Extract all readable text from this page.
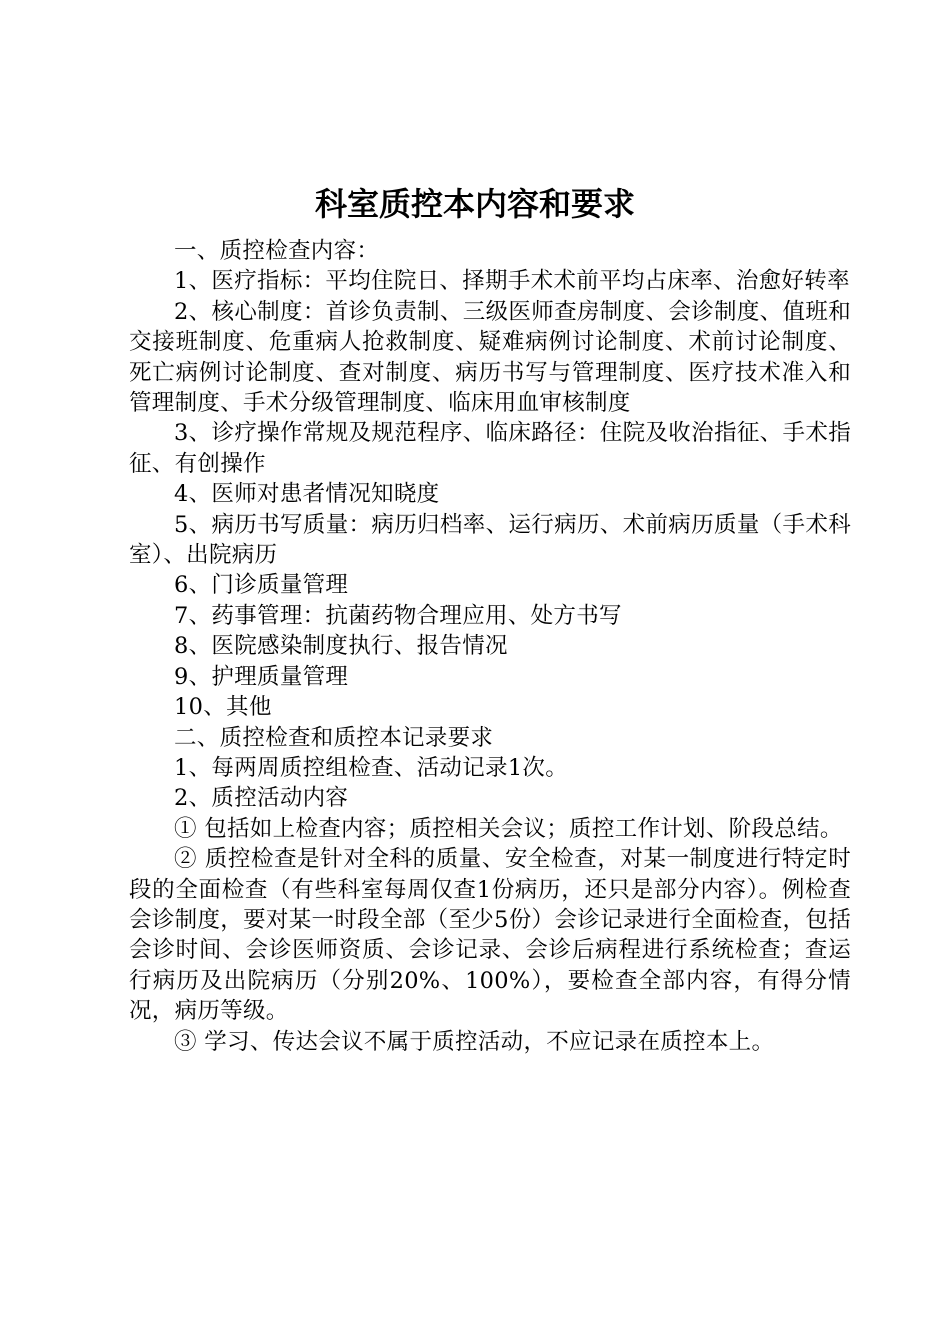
科室质控本内容和要求

一、质控检查内容：

1、医疗指标：平均住院日、择期手术术前平均占床率、治愈好转率

2、核心制度：首诊负责制、三级医师查房制度、会诊制度、值班和交接班制度、危重病人抢救制度、疑难病例讨论制度、术前讨论制度、死亡病例讨论制度、查对制度、病历书写与管理制度、医疗技术准入和管理制度、手术分级管理制度、临床用血审核制度

3、诊疗操作常规及规范程序、临床路径：住院及收治指征、手术指征、有创操作

4、医师对患者情况知晓度

5、病历书写质量：病历归档率、运行病历、术前病历质量（手术科室）、出院病历

6、门诊质量管理

7、药事管理：抗菌药物合理应用、处方书写

8、医院感染制度执行、报告情况

9、护理质量管理

10、其他

二、质控检查和质控本记录要求

1、每两周质控组检查、活动记录1次。

2、质控活动内容

① 包括如上检查内容；质控相关会议；质控工作计划、阶段总结。

② 质控检查是针对全科的质量、安全检查，对某一制度进行特定时段的全面检查（有些科室每周仅查1份病历，还只是部分内容）。例检查会诊制度，要对某一时段全部（至少5份）会诊记录进行全面检查，包括会诊时间、会诊医师资质、会诊记录、会诊后病程进行系统检查；查运行病历及出院病历（分别20%、100%），要检查全部内容，有得分情况，病历等级。

③ 学习、传达会议不属于质控活动，不应记录在质控本上。
